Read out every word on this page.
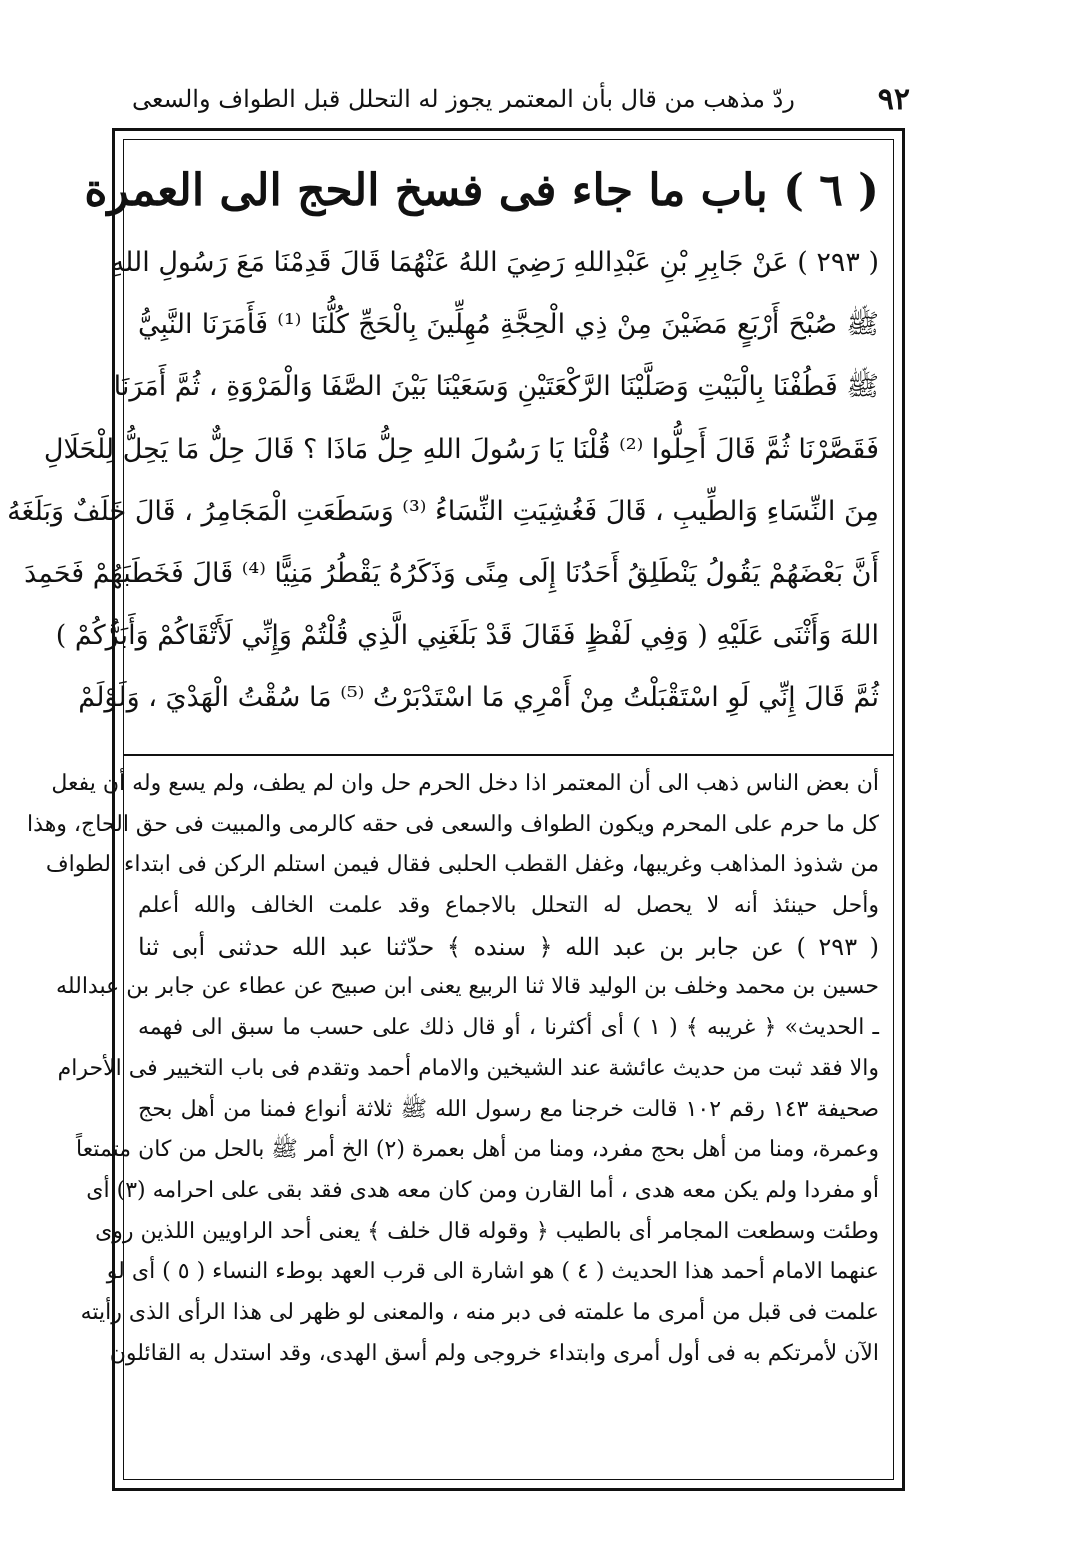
٩٢
ردّ مذهب من قال بأن المعتمر يجوز له التحلل قبل الطواف والسعى
( ٦ ) باب ما جاء فى فسخ الحج الى العمرة
( ٢٩٣ ) عَنْ جَابِرِ بْنِ عَبْدِاللهِ رَضِيَ اللهُ عَنْهُمَا قَالَ قَدِمْنَا مَعَ رَسُولِ اللهِ
ﷺ صُبْحَ أَرْبَعٍ مَضَيْنَ مِنْ ذِي الْحِجَّةِ مُهِلِّينَ بِالْحَجِّ كُلُّنَا ⁽¹⁾ فَأَمَرَنَا النَّبِيُّ
ﷺ فَطُفْنَا بِالْبَيْتِ وَصَلَّيْنَا الرَّكْعَتَيْنِ وَسَعَيْنَا بَيْنَ الصَّفَا وَالْمَرْوَةِ ، ثُمَّ أَمَرَنَا
فَقَصَّرْنَا ثُمَّ قَالَ أَحِلُّوا ⁽²⁾ قُلْنَا يَا رَسُولَ اللهِ حِلُّ مَاذَا ؟ قَالَ حِلٌّ مَا يَحِلُّ لِلْحَلَالِ
مِنَ النِّسَاءِ وَالطِّيبِ ، قَالَ فَغُشِيَتِ النِّسَاءُ ⁽³⁾ وَسَطَعَتِ الْمَجَامِرُ ، قَالَ خَلَفٌ وَبَلَغَهُ
أَنَّ بَعْضَهُمْ يَقُولُ يَنْطَلِقُ أَحَدُنَا إِلَى مِنًى وَذَكَرُهُ يَقْطُرُ مَنِيًّا ⁽⁴⁾ قَالَ فَخَطَبَهُمْ فَحَمِدَ
اللهَ وَأَثْنَى عَلَيْهِ ( وَفِي لَفْظٍ فَقَالَ قَدْ بَلَغَنِي الَّذِي قُلْتُمْ وَإِنِّي لَأَتْقَاكُمْ وَأَبَرُّكُمْ )
ثُمَّ قَالَ إِنِّي لَوِ اسْتَقْبَلْتُ مِنْ أَمْرِي مَا اسْتَدْبَرْتُ ⁽⁵⁾ مَا سُقْتُ الْهَدْيَ ، وَلَوْلَمْ
أن بعض الناس ذهب الى أن المعتمر اذا دخل الحرم حل وان لم يطف، ولم يسع وله أن يفعل
كل ما حرم على المحرم ويكون الطواف والسعى فى حقه كالرمى والمبيت فى حق الحاج، وهذا
من شذوذ المذاهب وغريبها، وغفل القطب الحلبى فقال فيمن استلم الركن فى ابتداء الطواف
وأحل حينئذ أنه لا يحصل له التحلل بالاجماع وقد علمت الخالف والله أعلم
( ٢٩٣ ) عن جابر بن عبد الله ﴿ سنده ﴾ حدّثنا عبد الله حدثنى أبى ثنا
حسين بن محمد وخلف بن الوليد قالا ثنا الربيع يعنى ابن صبيح عن عطاء عن جابر بن عبدالله
ـ الحديث» ﴿ غريبه ﴾ ( ١ ) أى أكثرنا ، أو قال ذلك على حسب ما سبق الى فهمه
والا فقد ثبت من حديث عائشة عند الشيخين والامام أحمد وتقدم فى باب التخيير فى الأحرام
صحيفة ١٤٣ رقم ١٠٢ قالت خرجنا مع رسول الله ﷺ ثلاثة أنواع فمنا من أهل بحج
وعمرة، ومنا من أهل بحج مفرد، ومنا من أهل بعمرة (٢) الخ أمر ﷺ بالحل من كان متمتعاً
أو مفردا ولم يكن معه هدى ، أما القارن ومن كان معه هدى فقد بقى على احرامه (٣) أى
وطئت وسطعت المجامر أى بالطيب ﴿ وقوله قال خلف ﴾ يعنى أحد الراويين اللذين روى
عنهما الامام أحمد هذا الحديث ( ٤ ) هو اشارة الى قرب العهد بوطء النساء ( ٥ ) أى لو
علمت فى قبل من أمرى ما علمته فى دبر منه ، والمعنى لو ظهر لى هذا الرأى الذى رأيته
الآن لأمرتكم به فى أول أمرى وابتداء خروجى ولم أسق الهدى، وقد استدل به القائلون
